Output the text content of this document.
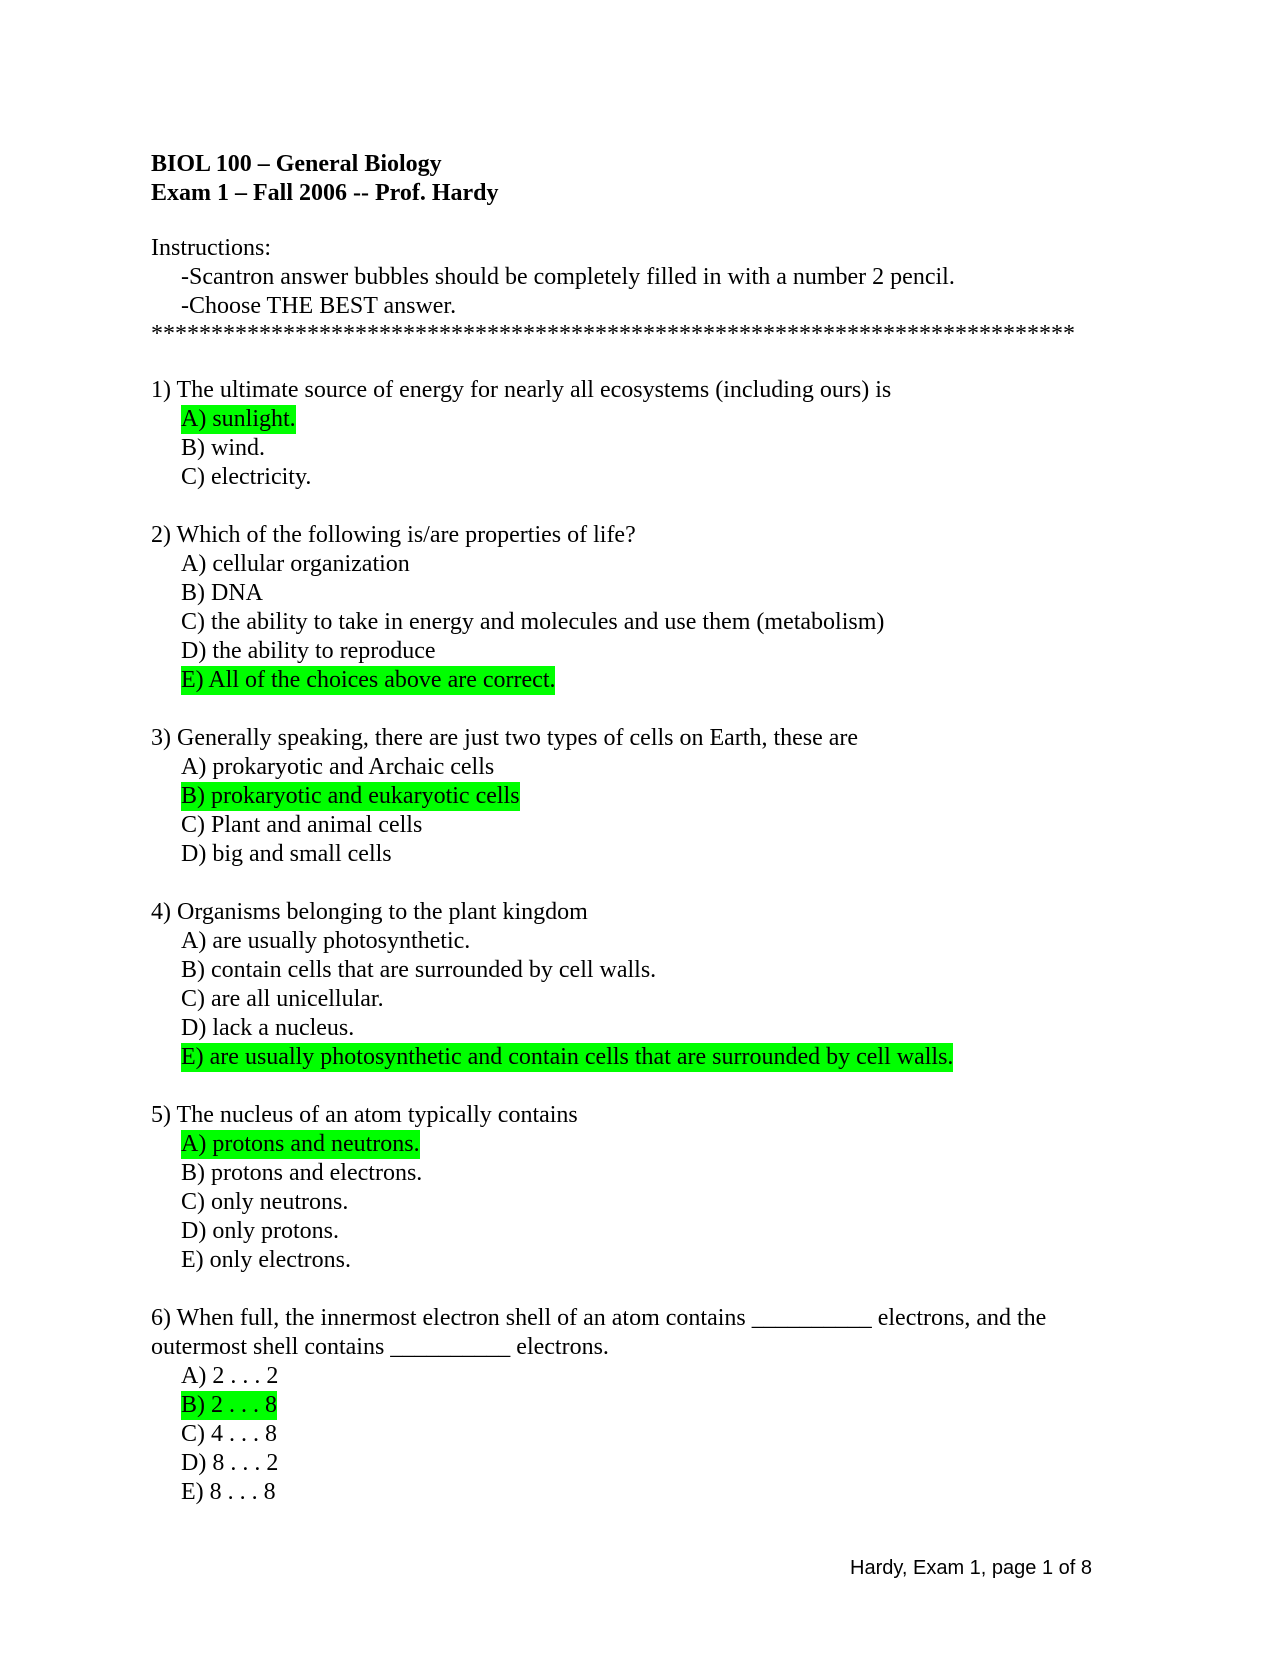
BIOL 100 – General Biology

Exam 1 – Fall 2006 -- Prof. Hardy

Instructions:
-Scantron answer bubbles should be completely filled in with a number 2 pencil.
-Choose THE BEST answer.
*****************************************************************************

1) The ultimate source of energy for nearly all ecosystems (including ours) is

A) sunlight.
B) wind.
C) electricity.

2) Which of the following is/are properties of life?

A) cellular organization
B) DNA
C) the ability to take in energy and molecules and use them (metabolism)
D) the ability to reproduce
E) All of the choices above are correct.

3) Generally speaking, there are just two types of cells on Earth, these are

A) prokaryotic and Archaic cells
B) prokaryotic and eukaryotic cells
C) Plant and animal cells
D) big and small cells

4) Organisms belonging to the plant kingdom

A) are usually photosynthetic.
B) contain cells that are surrounded by cell walls.
C) are all unicellular.
D) lack a nucleus.
E) are usually photosynthetic and contain cells that are surrounded by cell walls.

5) The nucleus of an atom typically contains

A) protons and neutrons.
B) protons and electrons.
C) only neutrons.
D) only protons.
E) only electrons.

6) When full, the innermost electron shell of an atom contains __________ electrons, and the outermost shell contains __________ electrons.

A) 2 . . . 2
B) 2 . . . 8
C) 4 . . . 8
D) 8 . . . 2
E) 8 . . . 8
Hardy, Exam 1, page 1 of 8
